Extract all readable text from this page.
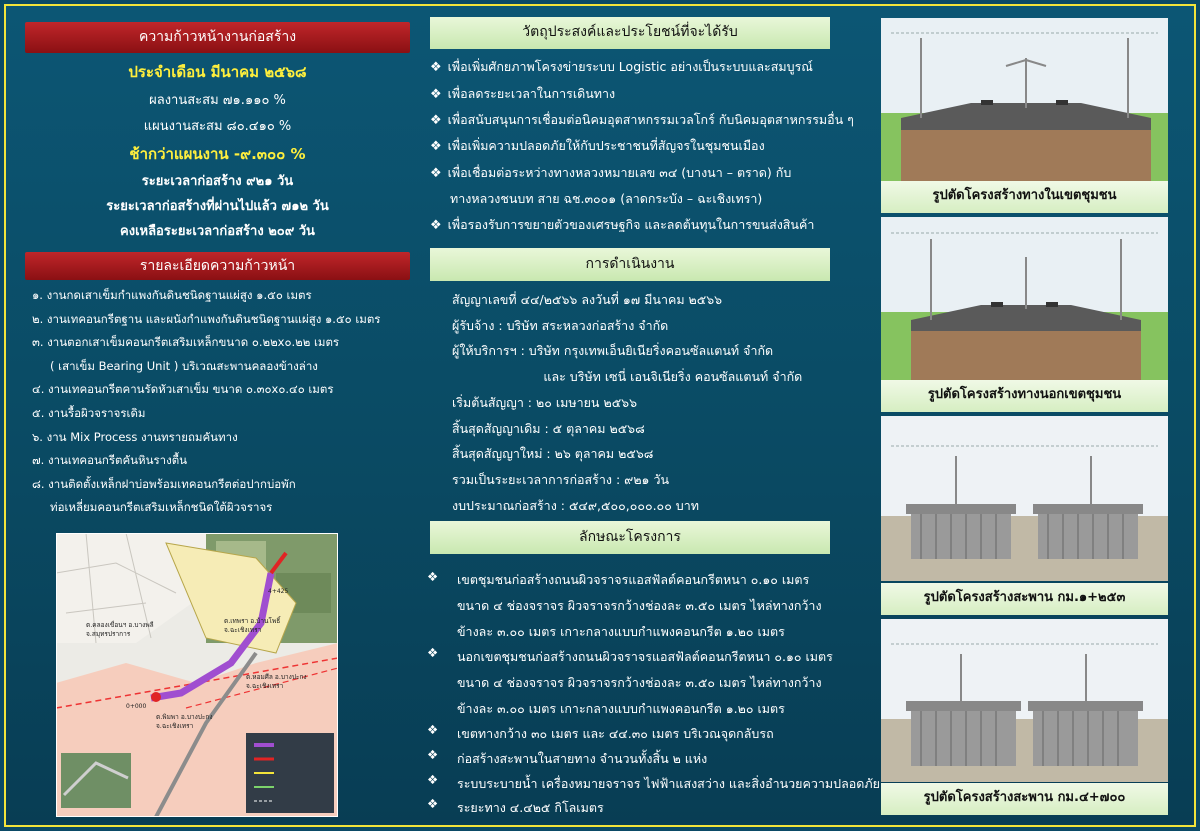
ความก้าวหน้างานก่อสร้าง
ประจำเดือน มีนาคม ๒๕๖๘
ผลงานสะสม ๗๑.๑๑๐ %
แผนงานสะสม ๘๐.๔๑๐ %
ช้ากว่าแผนงาน -๙.๓๐๐ %
ระยะเวลาก่อสร้าง ๙๒๑ วัน
ระยะเวลาก่อสร้างที่ผ่านไปแล้ว ๗๑๒ วัน
คงเหลือระยะเวลาก่อสร้าง ๒๐๙ วัน
รายละเอียดความก้าวหน้า
๑. งานกดเสาเข็มกำแพงกันดินชนิดฐานแผ่สูง ๑.๕๐ เมตร
๒. งานเทคอนกรีตฐาน และผนังกำแพงกันดินชนิดฐานแผ่สูง ๑.๕๐ เมตร
๓. งานตอกเสาเข็มคอนกรีตเสริมเหล็กขนาด ๐.๒๒x๐.๒๒ เมตร
( เสาเข็ม Bearing Unit ) บริเวณสะพานคลองข้างล่าง
๔. งานเทคอนกรีตคานรัดหัวเสาเข็ม ขนาด ๐.๓๐x๐.๔๐ เมตร
๕. งานรื้อผิวจราจรเดิม
๖. งาน Mix Process งานทรายถมคันทาง
๗. งานเทคอนกรีตคันหินรางตื้น
๘. งานติดตั้งเหล็กฝาบ่อพร้อมเทคอนกรีตต่อปากบ่อพัก
ท่อเหลี่ยมคอนกรีตเสริมเหล็กชนิดใต้ผิวจราจร
ต.คลองเขื่อนฯ อ.บางพลี จ.สมุทรปราการ
ต.เทพรา อ.บ้านโพธิ์ จ.ฉะเชิงเทรา
ต.หอมศีล อ.บางปะกง จ.ฉะเชิงเทรา
ต.พิมพา อ.บางปะกง จ.ฉะเชิงเทรา
0+000
4+425
วัตถุประสงค์และประโยชน์ที่จะได้รับ
❖ เพื่อเพิ่มศักยภาพโครงข่ายระบบ Logistic อย่างเป็นระบบและสมบูรณ์
❖ เพื่อลดระยะเวลาในการเดินทาง
❖ เพื่อสนับสนุนการเชื่อมต่อนิคมอุตสาหกรรมเวลโกร์ กับนิคมอุตสาหกรรมอื่น ๆ
❖ เพื่อเพิ่มความปลอดภัยให้กับประชาชนที่สัญจรในชุมชนเมือง
❖ เพื่อเชื่อมต่อระหว่างทางหลวงหมายเลข ๓๔ (บางนา – ตราด) กับ
ทางหลวงชนบท สาย ฉช.๓๐๐๑ (ลาดกระบัง – ฉะเชิงเทรา)
❖ เพื่อรองรับการขยายตัวของเศรษฐกิจ และลดต้นทุนในการขนส่งสินค้า
การดำเนินงาน
สัญญาเลขที่ ๔๔/๒๕๖๖ ลงวันที่ ๑๗ มีนาคม ๒๕๖๖
ผู้รับจ้าง : บริษัท สระหลวงก่อสร้าง จำกัด
ผู้ให้บริการฯ : บริษัท กรุงเทพเอ็นยิเนียริ่งคอนซัลแตนท์ จำกัด
และ บริษัท เซนี่ เอนจิเนียริ่ง คอนซัลแตนท์ จำกัด
เริ่มต้นสัญญา : ๒๐ เมษายน ๒๕๖๖
สิ้นสุดสัญญาเดิม : ๕ ตุลาคม ๒๕๖๘
สิ้นสุดสัญญาใหม่ : ๒๖ ตุลาคม ๒๕๖๘
รวมเป็นระยะเวลาการก่อสร้าง : ๙๒๑ วัน
งบประมาณก่อสร้าง : ๕๔๙,๕๐๐,๐๐๐.๐๐ บาท
ลักษณะโครงการ
❖ เขตชุมชนก่อสร้างถนนผิวจราจรแอสฟัลต์คอนกรีตหนา ๐.๑๐ เมตร
ขนาด ๔ ช่องจราจร ผิวจราจรกว้างช่องละ ๓.๕๐ เมตร ไหล่ทางกว้าง
ข้างละ ๓.๐๐ เมตร เกาะกลางแบบกำแพงคอนกรีต ๑.๒๐ เมตร
❖ นอกเขตชุมชนก่อสร้างถนนผิวจราจรแอสฟัลต์คอนกรีตหนา ๐.๑๐ เมตร
ขนาด ๔ ช่องจราจร ผิวจราจรกว้างช่องละ ๓.๕๐ เมตร ไหล่ทางกว้าง
ข้างละ ๓.๐๐ เมตร เกาะกลางแบบกำแพงคอนกรีต ๑.๒๐ เมตร
❖ เขตทางกว้าง ๓๐ เมตร และ ๔๔.๓๐ เมตร บริเวณจุดกลับรถ
❖ ก่อสร้างสะพานในสายทาง จำนวนทั้งสิ้น ๒ แห่ง
❖ ระบบระบายน้ำ เครื่องหมายจราจร ไฟฟ้าแสงสว่าง และสิ่งอำนวยความปลอดภัย
❖ ระยะทาง ๔.๔๒๕ กิโลเมตร
รูปตัดโครงสร้างทางในเขตชุมชน
รูปตัดโครงสร้างทางนอกเขตชุมชน
รูปตัดโครงสร้างสะพาน กม.๑+๒๕๓
รูปตัดโครงสร้างสะพาน กม.๔+๗๐๐
